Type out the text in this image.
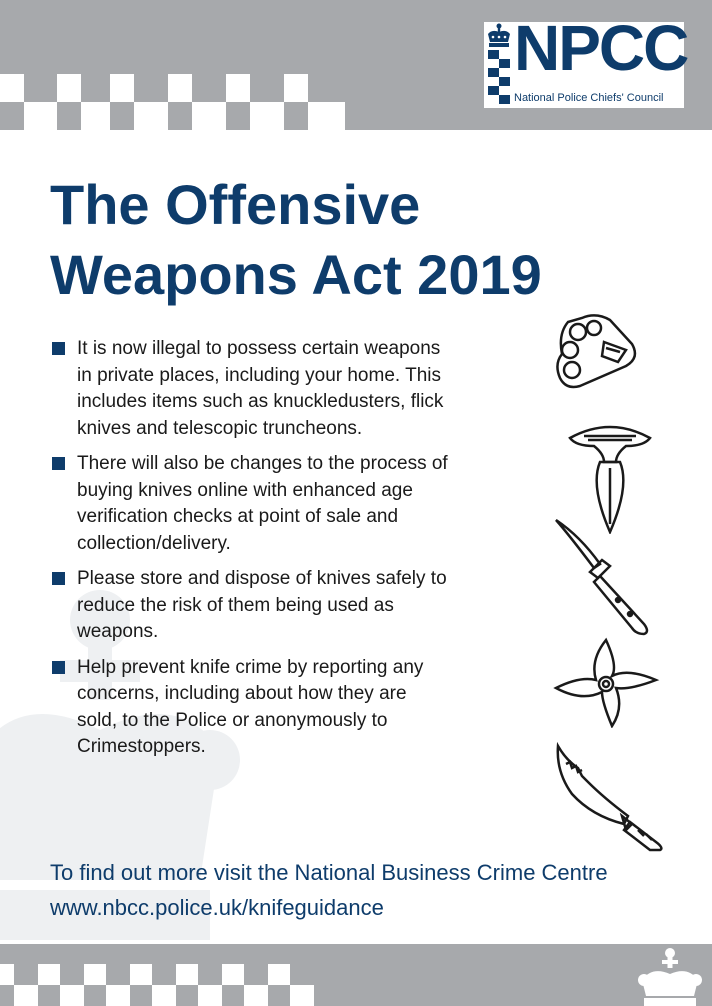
NPCC
National Police Chiefs' Council
The Offensive
Weapons Act 2019
It is now illegal to possess certain weapons in private places, including your home. This includes items such as knuckledusters, flick knives and telescopic truncheons.
There will also be changes to the process of buying knives online with enhanced age verification checks at point of sale and collection/delivery.
Please store and dispose of knives safely to reduce the risk of them being used as weapons.
Help prevent knife crime by reporting any concerns, including about how they are sold, to the Police or anonymously to Crimestoppers.
To find out more visit the National Business Crime Centre
www.nbcc.police.uk/knifeguidance
